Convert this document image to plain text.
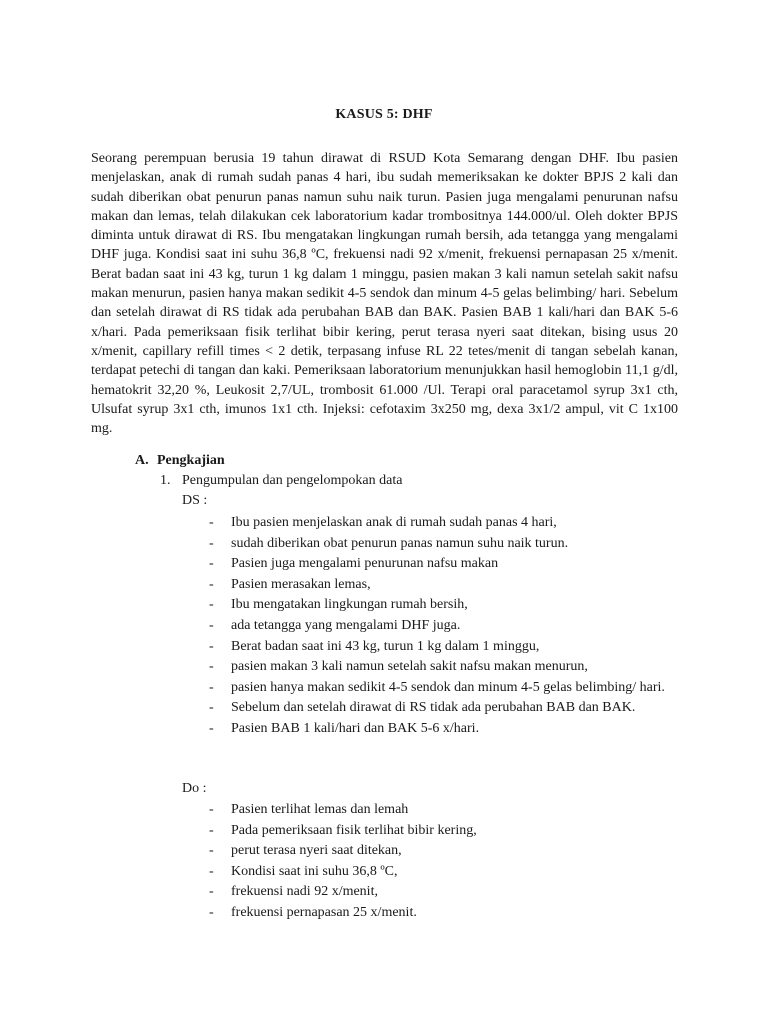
KASUS 5: DHF

Seorang perempuan berusia 19 tahun dirawat di RSUD Kota Semarang dengan DHF. Ibu pasien menjelaskan, anak di rumah sudah panas 4 hari, ibu sudah memeriksakan ke dokter BPJS 2 kali dan sudah diberikan obat penurun panas namun suhu naik turun. Pasien juga mengalami penurunan nafsu makan dan lemas, telah dilakukan cek laboratorium kadar trombositnya 144.000/ul. Oleh dokter BPJS diminta untuk dirawat di RS. Ibu mengatakan lingkungan rumah bersih, ada tetangga yang mengalami DHF juga. Kondisi saat ini suhu 36,8 ºC, frekuensi nadi 92 x/menit, frekuensi pernapasan 25 x/menit. Berat badan saat ini 43 kg, turun 1 kg dalam 1 minggu, pasien makan 3 kali namun setelah sakit nafsu makan menurun, pasien hanya makan sedikit 4-5 sendok dan minum 4-5 gelas belimbing/ hari. Sebelum dan setelah dirawat di RS tidak ada perubahan BAB dan BAK. Pasien BAB 1 kali/hari dan BAK 5-6 x/hari. Pada pemeriksaan fisik terlihat bibir kering, perut terasa nyeri saat ditekan, bising usus 20 x/menit, capillary refill times < 2 detik, terpasang infuse RL 22 tetes/menit di tangan sebelah kanan, terdapat petechi di tangan dan kaki. Pemeriksaan laboratorium menunjukkan hasil hemoglobin 11,1 g/dl, hematokrit 32,20 %, Leukosit 2,7/UL, trombosit 61.000 /Ul. Terapi oral paracetamol syrup 3x1 cth, Ulsufat syrup 3x1 cth, imunos 1x1 cth. Injeksi: cefotaxim 3x250 mg, dexa 3x1/2 ampul, vit C 1x100 mg.

A. Pengkajian
1. Pengumpulan dan pengelompokan data
DS :
- Ibu pasien menjelaskan anak di rumah sudah panas 4 hari,
- sudah diberikan obat penurun panas namun suhu naik turun.
- Pasien juga mengalami penurunan nafsu makan
- Pasien merasakan lemas,
- Ibu mengatakan lingkungan rumah bersih,
- ada tetangga yang mengalami DHF juga.
- Berat badan saat ini 43 kg, turun 1 kg dalam 1 minggu,
- pasien makan 3 kali namun setelah sakit nafsu makan menurun,
- pasien hanya makan sedikit 4-5 sendok dan minum 4-5 gelas belimbing/ hari.
- Sebelum dan setelah dirawat di RS tidak ada perubahan BAB dan BAK.
- Pasien BAB 1 kali/hari dan BAK 5-6 x/hari.
Do :
- Pasien terlihat lemas dan lemah
- Pada pemeriksaan fisik terlihat bibir kering,
- perut terasa nyeri saat ditekan,
- Kondisi saat ini suhu 36,8 ºC,
- frekuensi nadi 92 x/menit,
- frekuensi pernapasan 25 x/menit.
